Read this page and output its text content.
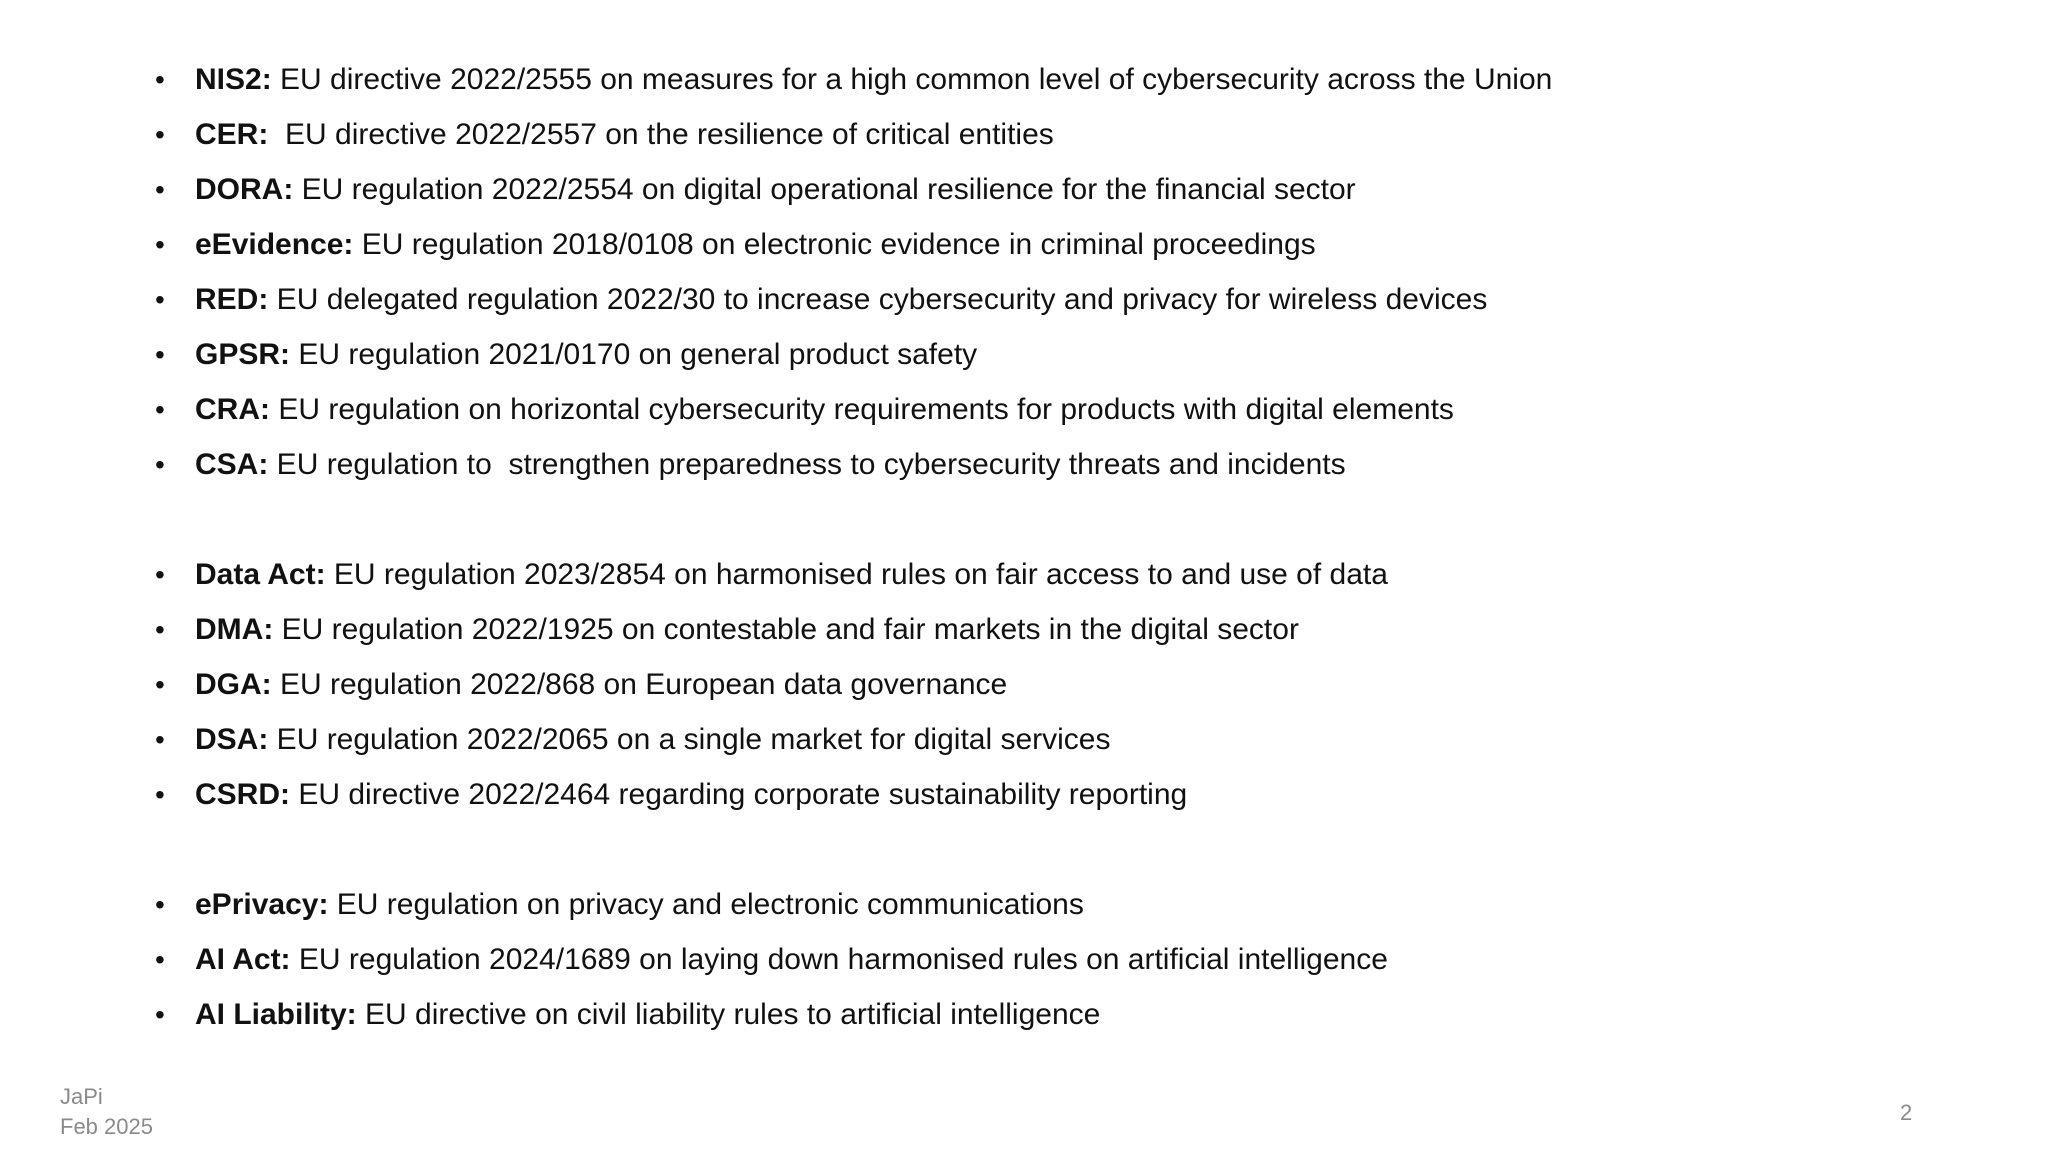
• NIS2: EU directive 2022/2555 on measures for a high common level of cybersecurity across the Union
• CER:  EU directive 2022/2557 on the resilience of critical entities
• DORA: EU regulation 2022/2554 on digital operational resilience for the financial sector
• eEvidence: EU regulation 2018/0108 on electronic evidence in criminal proceedings
• RED: EU delegated regulation 2022/30 to increase cybersecurity and privacy for wireless devices
• GPSR: EU regulation 2021/0170 on general product safety
• CRA: EU regulation on horizontal cybersecurity requirements for products with digital elements
• CSA: EU regulation to  strengthen preparedness to cybersecurity threats and incidents
• Data Act: EU regulation 2023/2854 on harmonised rules on fair access to and use of data
• DMA: EU regulation 2022/1925 on contestable and fair markets in the digital sector
• DGA: EU regulation 2022/868 on European data governance
• DSA: EU regulation 2022/2065 on a single market for digital services
• CSRD: EU directive 2022/2464 regarding corporate sustainability reporting
• ePrivacy: EU regulation on privacy and electronic communications
• AI Act: EU regulation 2024/1689 on laying down harmonised rules on artificial intelligence
• AI Liability: EU directive on civil liability rules to artificial intelligence
JaPi
Feb 2025
2
